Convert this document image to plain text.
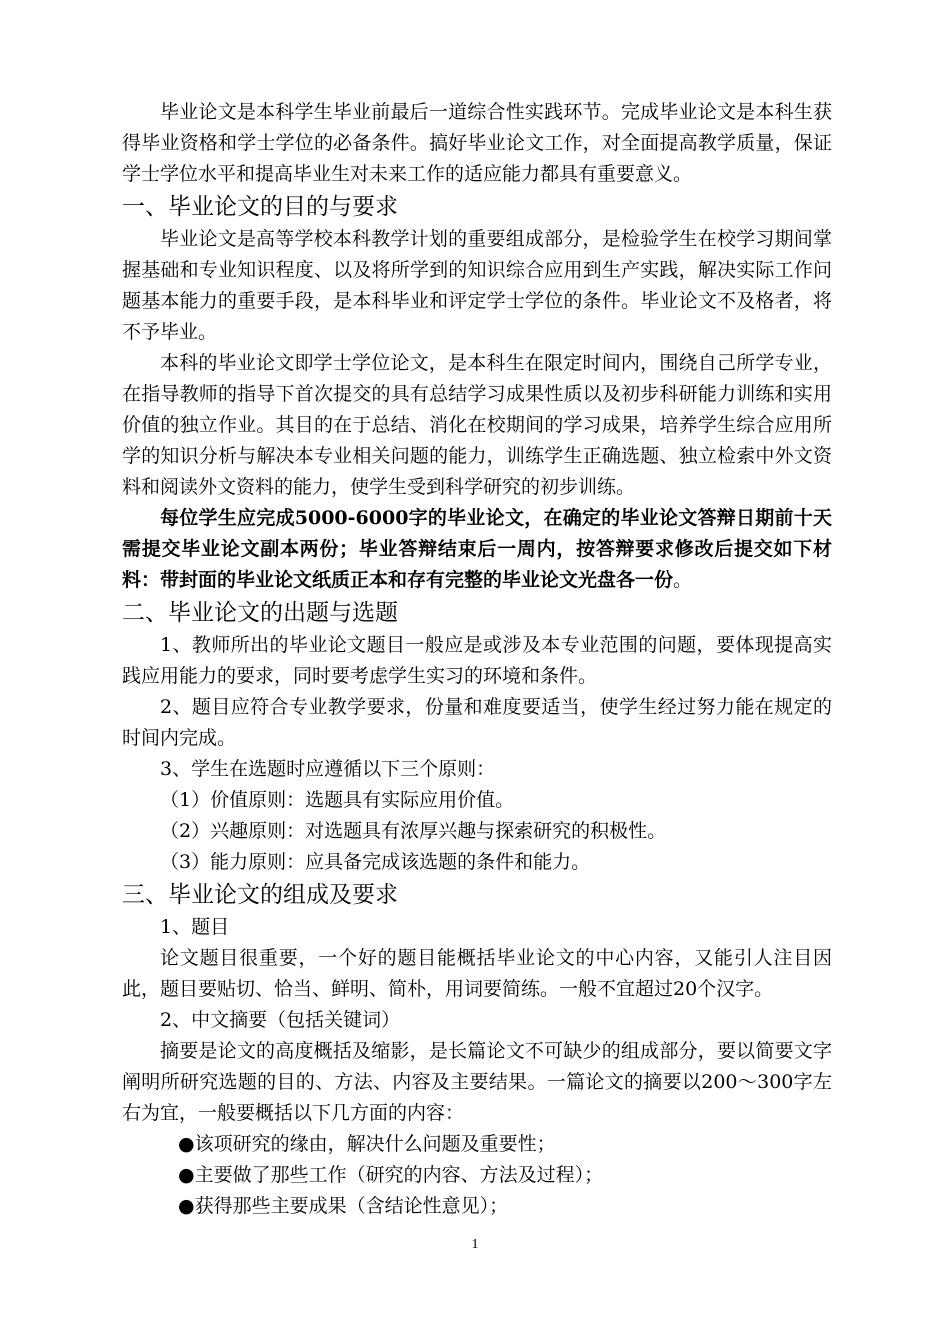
毕业论文是本科学生毕业前最后一道综合性实践环节。完成毕业论文是本科生获得毕业资格和学士学位的必备条件。搞好毕业论文工作，对全面提高教学质量，保证学士学位水平和提高毕业生对未来工作的适应能力都具有重要意义。

一、毕业论文的目的与要求

毕业论文是高等学校本科教学计划的重要组成部分，是检验学生在校学习期间掌握基础和专业知识程度、以及将所学到的知识综合应用到生产实践，解决实际工作问题基本能力的重要手段，是本科毕业和评定学士学位的条件。毕业论文不及格者，将不予毕业。

本科的毕业论文即学士学位论文，是本科生在限定时间内，围绕自己所学专业，在指导教师的指导下首次提交的具有总结学习成果性质以及初步科研能力训练和实用价值的独立作业。其目的在于总结、消化在校期间的学习成果，培养学生综合应用所学的知识分析与解决本专业相关问题的能力，训练学生正确选题、独立检索中外文资料和阅读外文资料的能力，使学生受到科学研究的初步训练。

每位学生应完成5000-6000字的毕业论文，在确定的毕业论文答辩日期前十天需提交毕业论文副本两份；毕业答辩结束后一周内，按答辩要求修改后提交如下材料：带封面的毕业论文纸质正本和存有完整的毕业论文光盘各一份。

二、毕业论文的出题与选题

1、教师所出的毕业论文题目一般应是或涉及本专业范围的问题，要体现提高实践应用能力的要求，同时要考虑学生实习的环境和条件。

2、题目应符合专业教学要求，份量和难度要适当，使学生经过努力能在规定的时间内完成。

3、学生在选题时应遵循以下三个原则：

（1）价值原则：选题具有实际应用价值。

（2）兴趣原则：对选题具有浓厚兴趣与探索研究的积极性。

（3）能力原则：应具备完成该选题的条件和能力。

三、毕业论文的组成及要求

1、题目

论文题目很重要，一个好的题目能概括毕业论文的中心内容，又能引人注目因此，题目要贴切、恰当、鲜明、简朴，用词要简练。一般不宜超过20个汉字。

2、中文摘要（包括关键词）

摘要是论文的高度概括及缩影，是长篇论文不可缺少的组成部分，要以简要文字阐明所研究选题的目的、方法、内容及主要结果。一篇论文的摘要以200～300字左右为宜，一般要概括以下几方面的内容：

●该项研究的缘由，解决什么问题及重要性；

●主要做了那些工作（研究的内容、方法及过程）；

●获得那些主要成果（含结论性意见）；

1
